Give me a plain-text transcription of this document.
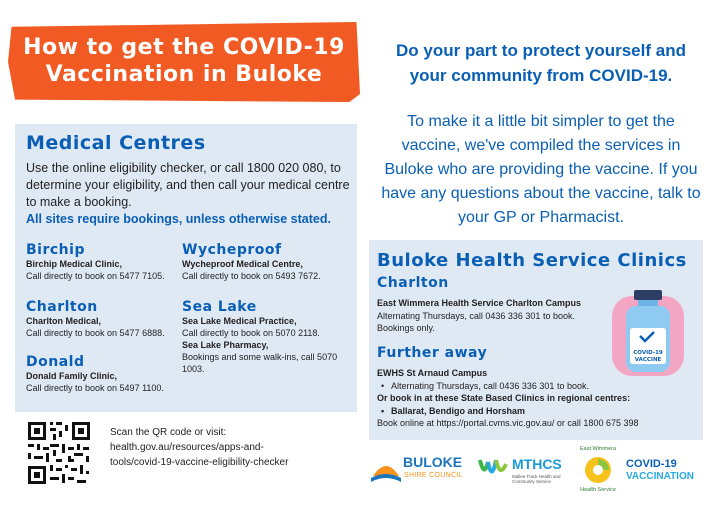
How to get the COVID-19
Vaccination in Buloke
Do your part to protect yourself and your community from COVID-19.
To make it a little bit simpler to get the vaccine, we've compiled the services in Buloke who are providing the vaccine. If you have any questions about the vaccine, talk to your GP or Pharmacist.
Medical Centres
Use the online eligibility checker, or call 1800 020 080, to determine your eligibility, and then call your medical centre to make a booking.
All sites require bookings, unless otherwise stated.
Birchip
Birchip Medical Clinic,
Call directly to book on 5477 7105.
Charlton
Charlton Medical,
Call directly to book on 5477 6888.
Donald
Donald Family Clinic,
Call directly to book on 5497 1100.
Wycheproof
Wycheproof Medical Centre,
Call directly to book on 5493 7672.
Sea Lake
Sea Lake Medical Practice,
Call directly to book on 5070 2118.
Sea Lake Pharmacy,
Bookings and some walk-ins, call 5070 1003.
Scan the QR code or visit: health.gov.au/resources/apps-and-tools/covid-19-vaccine-eligibility-checker
Buloke Health Service Clinics
Charlton
East Wimmera Health Service Charlton Campus
Alternating Thursdays, call 0436 336 301 to book.
Bookings only.
COVID-19
VACCINE
Further away
EWHS St Arnaud Campus
• Alternating Thursdays, call 0436 336 301 to book.
Or book in at these State Based Clinics in regional centres:
• Ballarat, Bendigo and Horsham
Book online at https://portal.cvms.vic.gov.au/ or call 1800 675 398
BULOKE
SHIRE COUNCIL
MTHCS
Mallee Track Health and Community Service
East Wimmera
Health Service
COVID-19
VACCINATION
